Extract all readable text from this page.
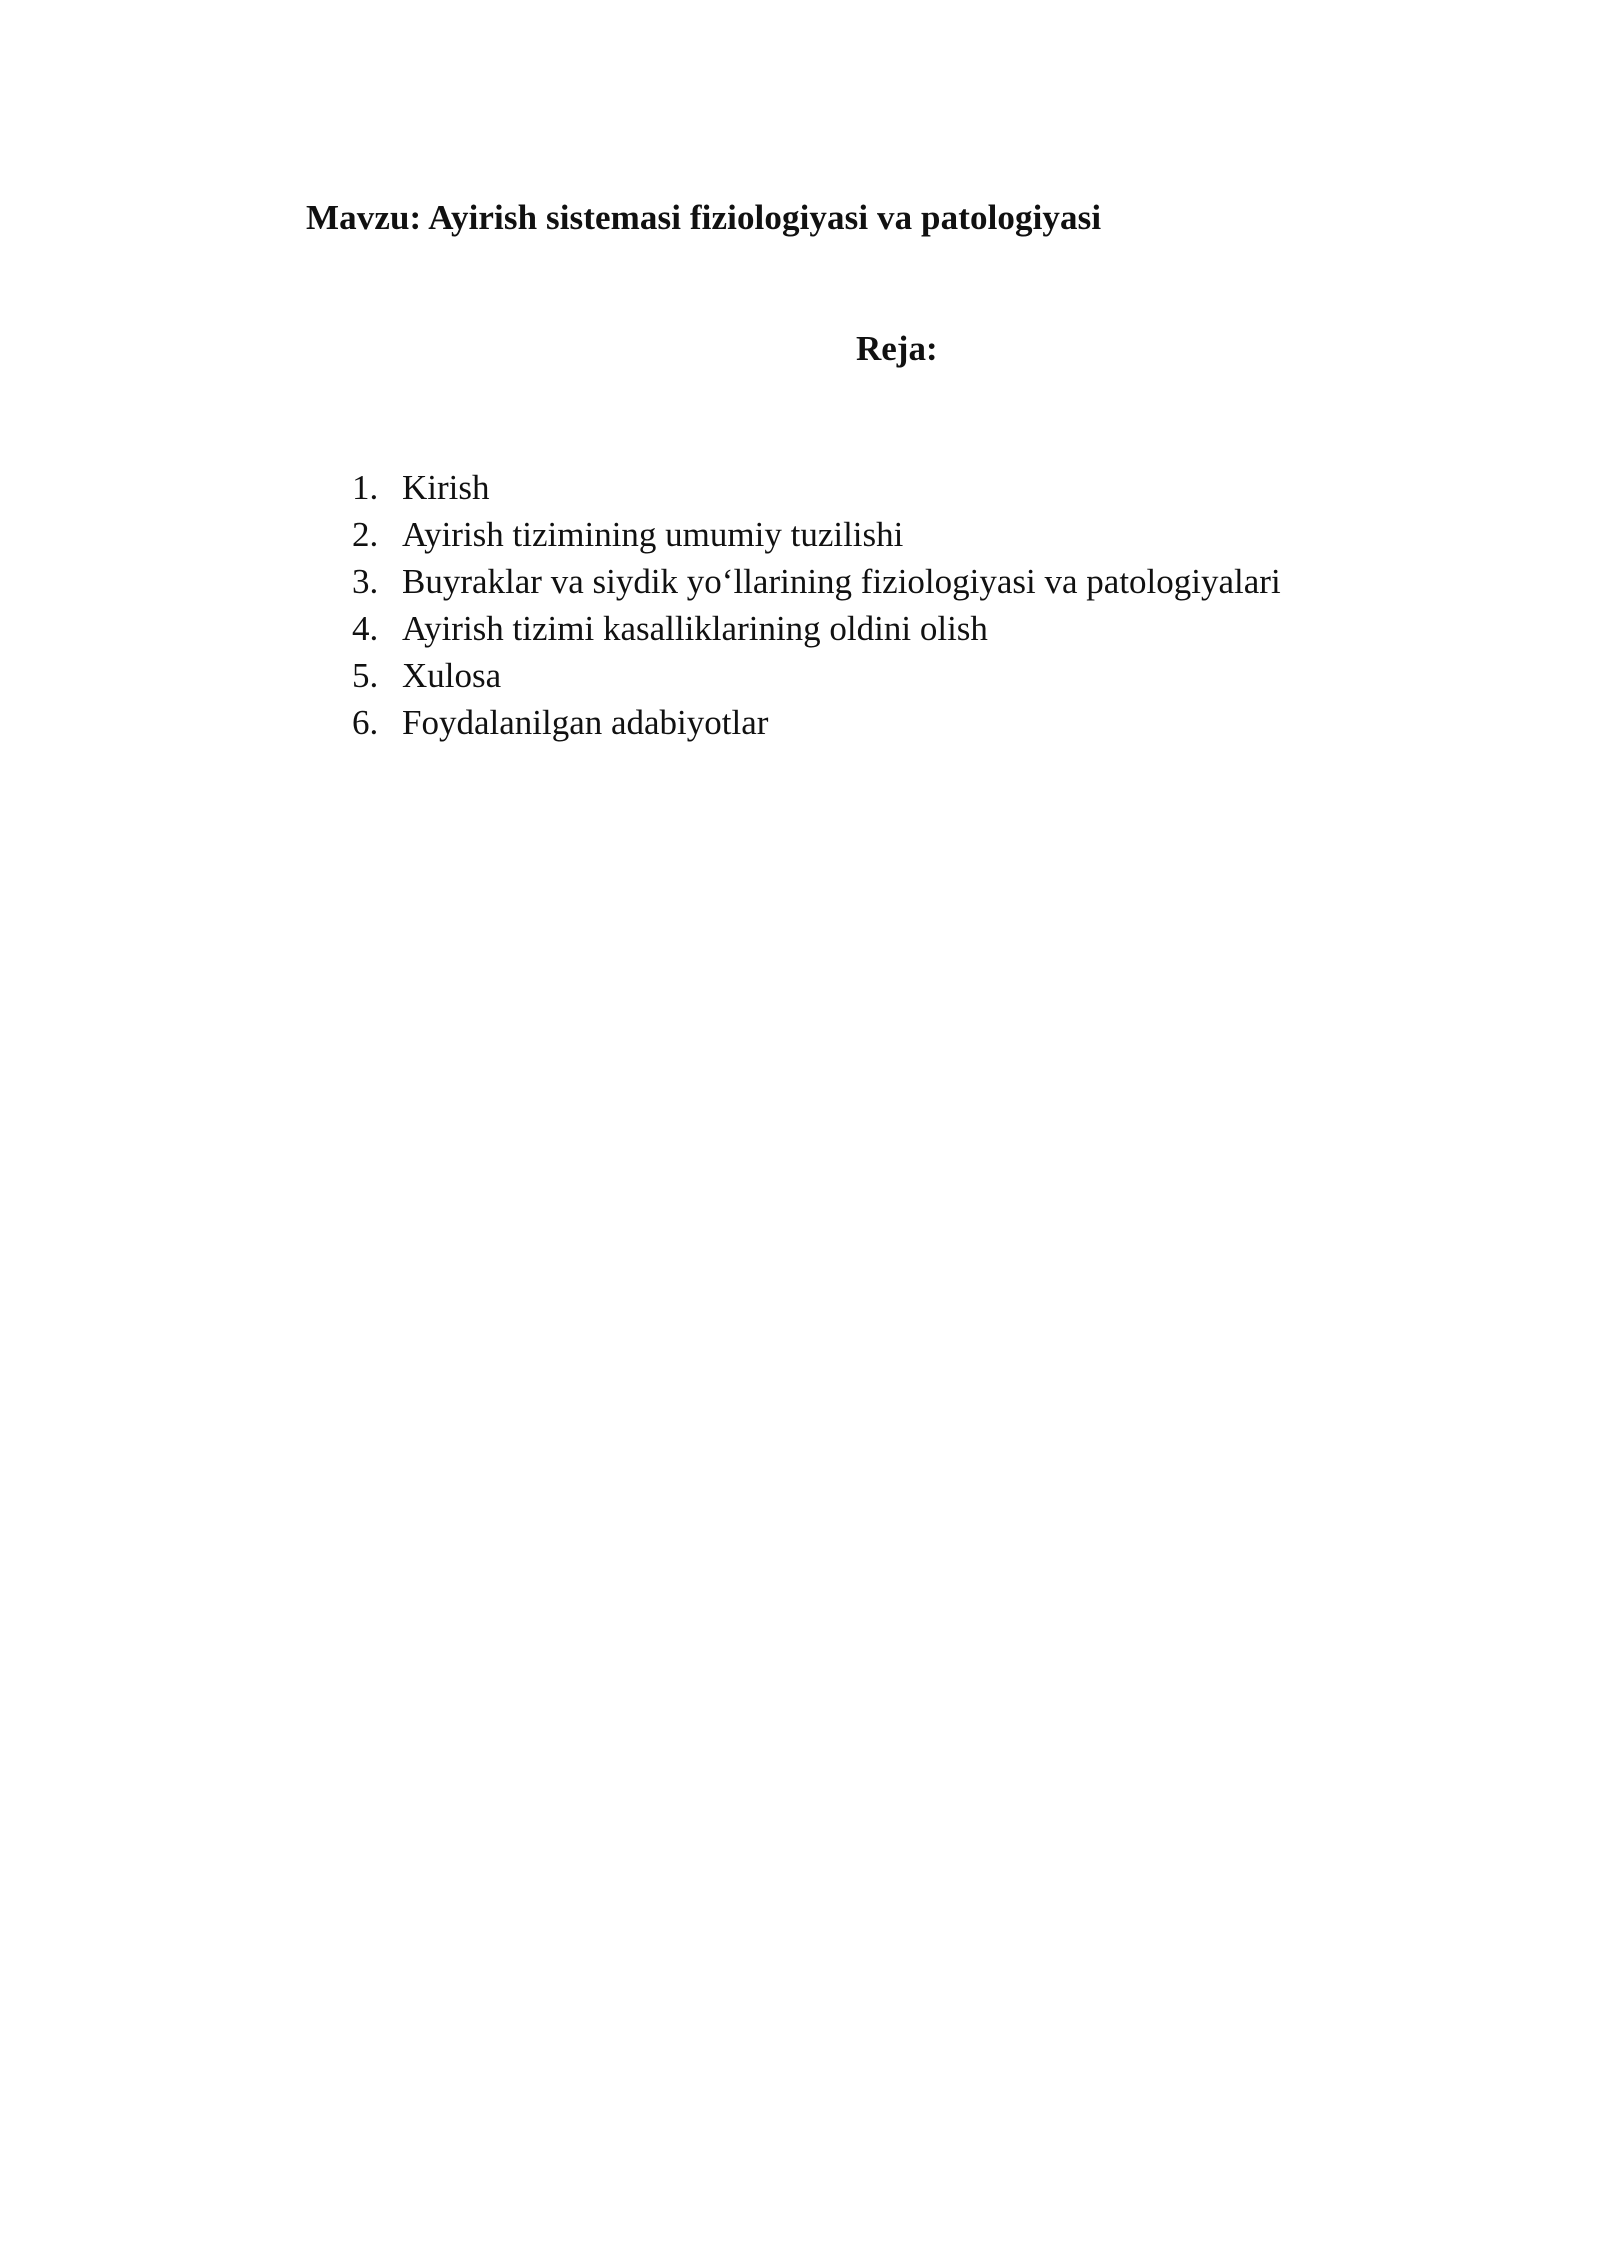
Mavzu: Ayirish sistemasi fiziologiyasi va patologiyasi
Reja:
1. Kirish
2. Ayirish tizimining umumiy tuzilishi
3. Buyraklar va siydik yo‘llarining fiziologiyasi va patologiyalari
4. Ayirish tizimi kasalliklarining oldini olish
5. Xulosa
6. Foydalanilgan adabiyotlar
